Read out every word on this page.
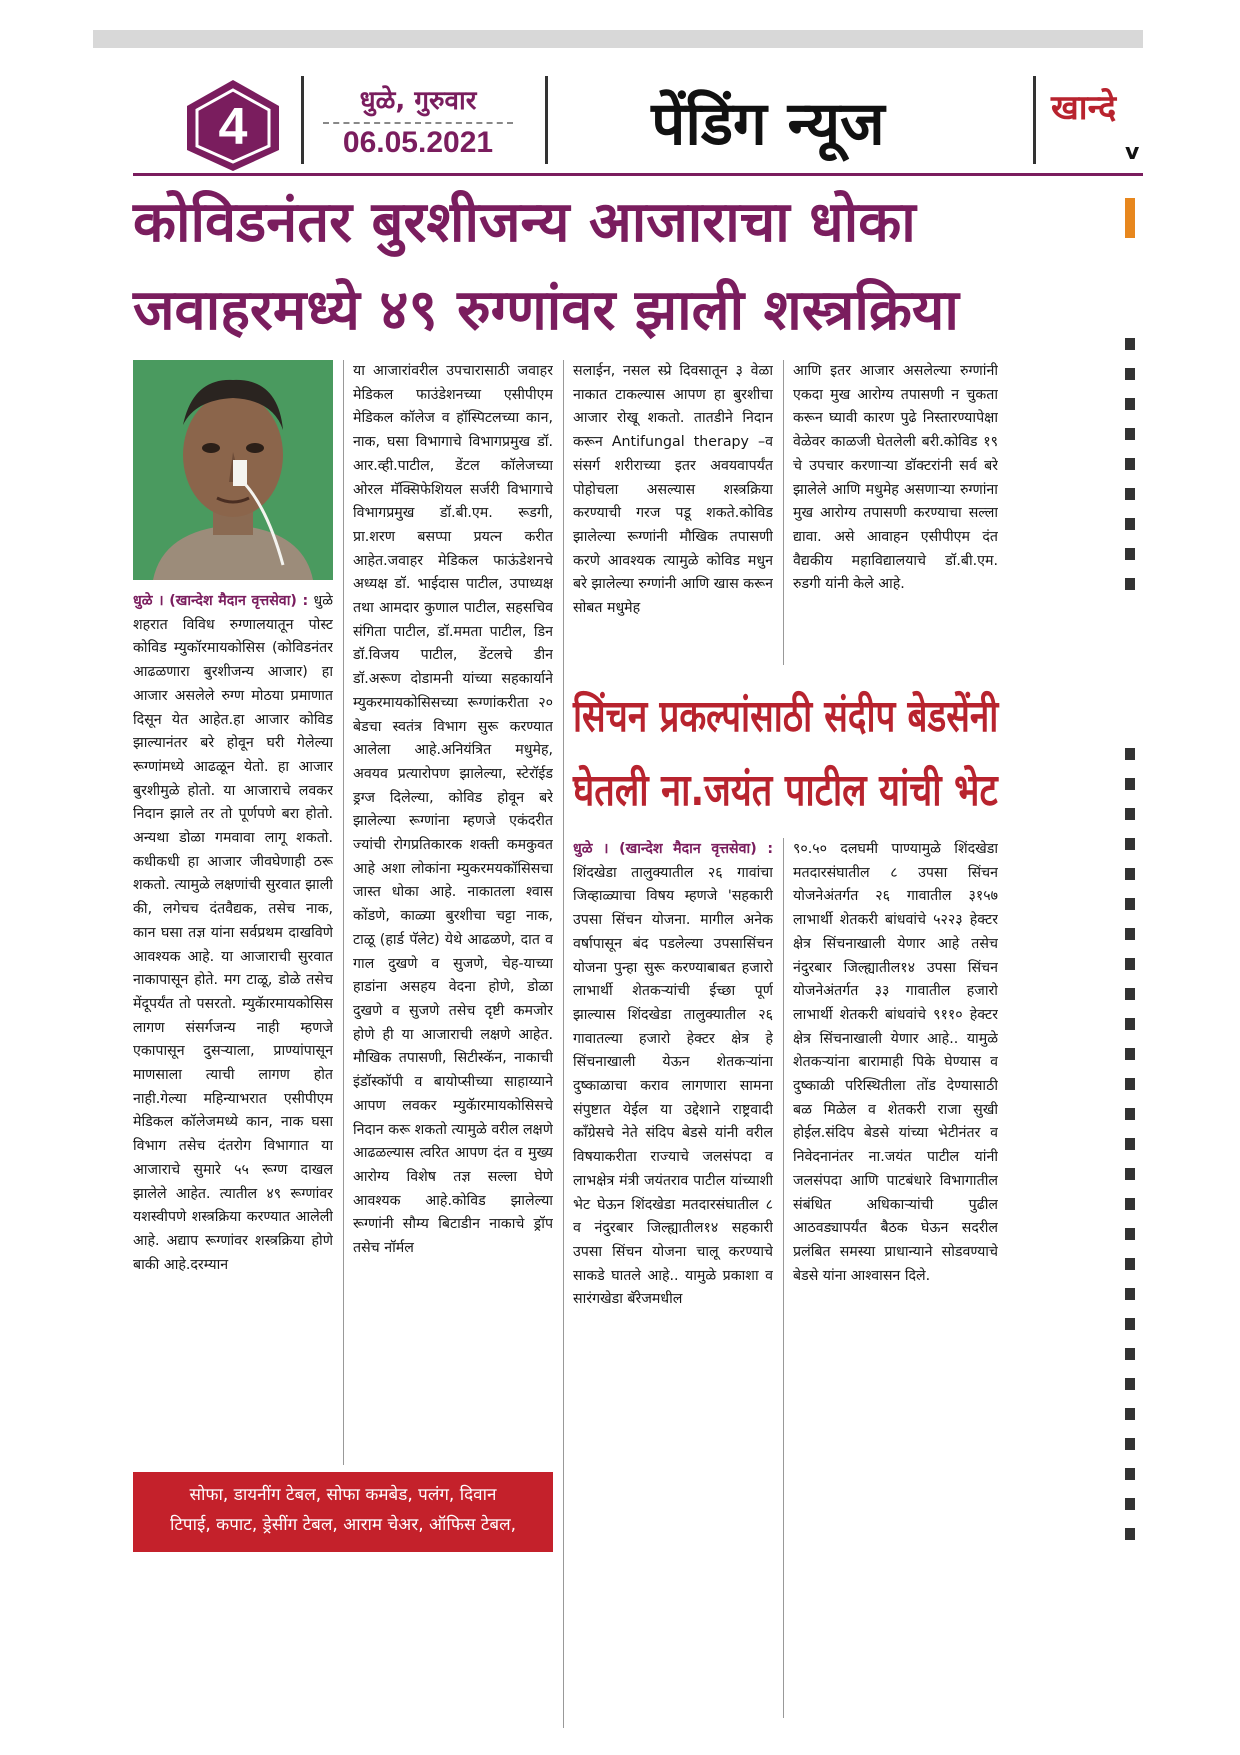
4	धुळे, गुरुवार
06.05.2021	पेंडिंग न्यूज	खान्दे
v
कोविडनंतर बुरशीजन्य आजाराचा धोका
जवाहरमध्ये ४९ रुग्णांवर झाली शस्त्रक्रिया

धुळे । (खान्देश मैदान वृत्तसेवा) : धुळे शहरात विविध रुग्णालयातून पोस्ट कोविड म्युकॉरमायकोसिस (कोविडनंतर आढळणारा बुरशीजन्य आजार) हा आजार असलेले रुग्ण मोठया प्रमाणात दिसून येत आहेत.हा आजार कोविड झाल्यानंतर बरे होवून घरी गेलेल्या रूग्णांमध्ये आढळून येतो. हा आजार बुरशीमुळे होतो. या आजाराचे लवकर निदान झाले तर तो पूर्णपणे बरा होतो. अन्यथा डोळा गमवावा लागू शकतो. कधीकधी हा आजार जीवघेणाही ठरू शकतो. त्यामुळे लक्षणांची सुरवात झाली की, लगेचच दंतवैद्यक, तसेच नाक, कान घसा तज्ञ यांना सर्वप्रथम दाखविणे आवश्यक आहे. या आजाराची सुरवात नाकापासून होते. मग टाळू, डोळे तसेच मेंदूपर्यंत तो पसरतो. म्युकॅारमायकोसिस लागण संसर्गजन्य नाही म्हणजे एकापासून दुसऱ्याला, प्राण्यांपासून माणसाला त्याची लागण होत नाही.गेल्या महिन्याभरात एसीपीएम मेडिकल कॉलेजमध्ये कान, नाक घसा विभाग तसेच दंतरोग विभागात या आजाराचे सुमारे ५५ रूग्ण दाखल झालेले आहेत. त्यातील ४९ रूग्णांवर यशस्वीपणे शस्त्रक्रिया करण्यात आलेली आहे. अद्याप रूग्णांवर शस्त्रक्रिया होणे बाकी आहे.दरम्यान

या आजारांवरील उपचारासाठी जवाहर मेडिकल फाउंडेशनच्या एसीपीएम मेडिकल कॉलेज व हॉस्पिटलच्या कान, नाक, घसा विभागाचे विभागप्रमुख डॉ. आर.व्ही.पाटील, डेंटल कॉलेजच्या ओरल मॅक्सिफेशियल सर्जरी विभागाचे विभागप्रमुख डॉ.बी.एम. रूडगी, प्रा.शरण बसप्पा प्रयत्न करीत आहेत.जवाहर मेडिकल फाऊंडेशनचे अध्यक्ष डॉ. भाईदास पाटील, उपाध्यक्ष तथा आमदार कुणाल पाटील, सहसचिव संगिता पाटील, डॉ.ममता पाटील, डिन डॉ.विजय पाटील, डेंटलचे डीन डॉ.अरूण दोडामनी यांच्या सहकार्याने म्युकरमायकोसिसच्या रूग्णांकरीता २० बेडचा स्वतंत्र विभाग सुरू करण्यात आलेला आहे.अनियंत्रित मधुमेह, अवयव प्रत्यारोपण झालेल्या, स्टेरॉईड ड्रग्ज दिलेल्या, कोविड होवून बरे झालेल्या रूग्णांना म्हणजे एकंदरीत ज्यांची रोगप्रतिकारक शक्ती कमकुवत आहे अशा लोकांना म्युकरमयकॉसिसचा जास्त धोका आहे. नाकातला श्वास कोंडणे, काळ्या बुरशीचा चट्टा नाक, टाळू (हार्ड पॅलेट) येथे आढळणे, दात व गाल दुखणे व सुजणे, चेह-याच्या हाडांना असहय वेदना होणे, डोळा दुखणे व सुजणे तसेच दृष्टी कमजोर होणे ही या आजाराची लक्षणे आहेत. मौखिक तपासणी, सिटीस्कॅन, नाकाची इंडॉस्कॉपी व बायोप्सीच्या साहाय्याने आपण लवकर म्युकॅारमायकोसिसचे निदान करू शकतो त्यामुळे वरील लक्षणे आढळल्यास त्वरित आपण दंत व मुख्य आरोग्य विशेष तज्ञ सल्ला घेणे आवश्यक आहे.कोविड झालेल्या रूग्णांनी सौम्य बिटाडीन नाकाचे ड्रॉप तसेच नॉर्मल

सलाईन, नसल स्प्रे दिवसातून ३ वेळा नाकात टाकल्यास आपण हा बुरशीचा आजार रोखू शकतो. तातडीने निदान करून Antifungal therapy –व संसर्ग शरीराच्या इतर अवयवापर्यंत पोहोचला असल्यास शस्त्रक्रिया करण्याची गरज पडू शकते.कोविड झालेल्या रूग्णांनी मौखिक तपासणी करणे आवश्यक त्यामुळे कोविड मधुन बरे झालेल्या रुग्णांनी आणि खास करून सोबत मधुमेह

आणि इतर आजार असलेल्या रुग्णांनी एकदा मुख आरोग्य तपासणी न चुकता करून घ्यावी कारण पुढे निस्तारण्यापेक्षा वेळेवर काळजी घेतलेली बरी.कोविड १९ चे उपचार करणाऱ्या डॉक्टरांनी सर्व बरे झालेले आणि मधुमेह असणाऱ्या रुग्णांना मुख आरोग्य तपासणी करण्याचा सल्ला द्यावा. असे आवाहन एसीपीएम दंत वैद्यकीय महाविद्यालयाचे डॉ.बी.एम. रुडगी यांनी केले आहे.

सिंचन प्रकल्पांसाठी संदीप बेडसेंनी
घेतली ना.जयंत पाटील यांची भेट

धुळे । (खान्देश मैदान वृत्तसेवा) : शिंदखेडा तालुक्यातील २६ गावांचा जिव्हाळ्याचा विषय म्हणजे 'सहकारी उपसा सिंचन योजना. मागील अनेक वर्षापासून बंद पडलेल्या उपसासिंचन योजना पुन्हा सुरू करण्याबाबत हजारो लाभार्थी शेतकऱ्यांची ईच्छा पूर्ण झाल्यास शिंदखेडा तालुक्यातील २६ गावातल्या हजारो हेक्टर क्षेत्र हे सिंचनाखाली येऊन शेतकऱ्यांना दुष्काळाचा कराव लागणारा सामना संपुष्टात येईल या उद्देशाने राष्ट्रवादी काँग्रेसचे नेते संदिप बेडसे यांनी वरील विषयाकरीता राज्याचे जलसंपदा व लाभक्षेत्र मंत्री जयंतराव पाटील यांच्याशी भेट घेऊन शिंदखेडा मतदारसंघातील ८ व नंदुरबार जिल्ह्यातील१४ सहकारी उपसा सिंचन योजना चालू करण्याचे साकडे घातले आहे.. यामुळे प्रकाशा व सारंगखेडा बॅरेजमधील

९०.५० दलघमी पाण्यामुळे शिंदखेडा मतदारसंघातील ८ उपसा सिंचन योजनेअंतर्गत २६ गावातील ३१५७ लाभार्थी शेतकरी बांधवांचे ५२२३ हेक्टर क्षेत्र सिंचनाखाली येणार आहे तसेच नंदुरबार जिल्ह्यातील१४ उपसा सिंचन योजनेअंतर्गत ३३ गावातील हजारो लाभार्थी शेतकरी बांधवांचे ९११० हेक्टर क्षेत्र सिंचनाखाली येणार आहे.. यामुळे शेतकऱ्यांना बारामाही पिके घेण्यास व दुष्काळी परिस्थितीला तोंड देण्यासाठी बळ मिळेल व शेतकरी राजा सुखी होईल.संदिप बेडसे यांच्या भेटीनंतर व निवेदनानंतर ना.जयंत पाटील यांनी जलसंपदा आणि पाटबंधारे विभागातील संबंधित अधिकाऱ्यांची पुढील आठवड्यापर्यंत बैठक घेऊन सदरील प्रलंबित समस्या प्राधान्याने सोडवण्याचे बेडसे यांना आश्वासन दिले.

सोफा, डायनींग टेबल, सोफा कमबेड, पलंग, दिवान
टिपाई, कपाट, ड्रेसींग टेबल, आराम चेअर, ऑफिस टेबल,
